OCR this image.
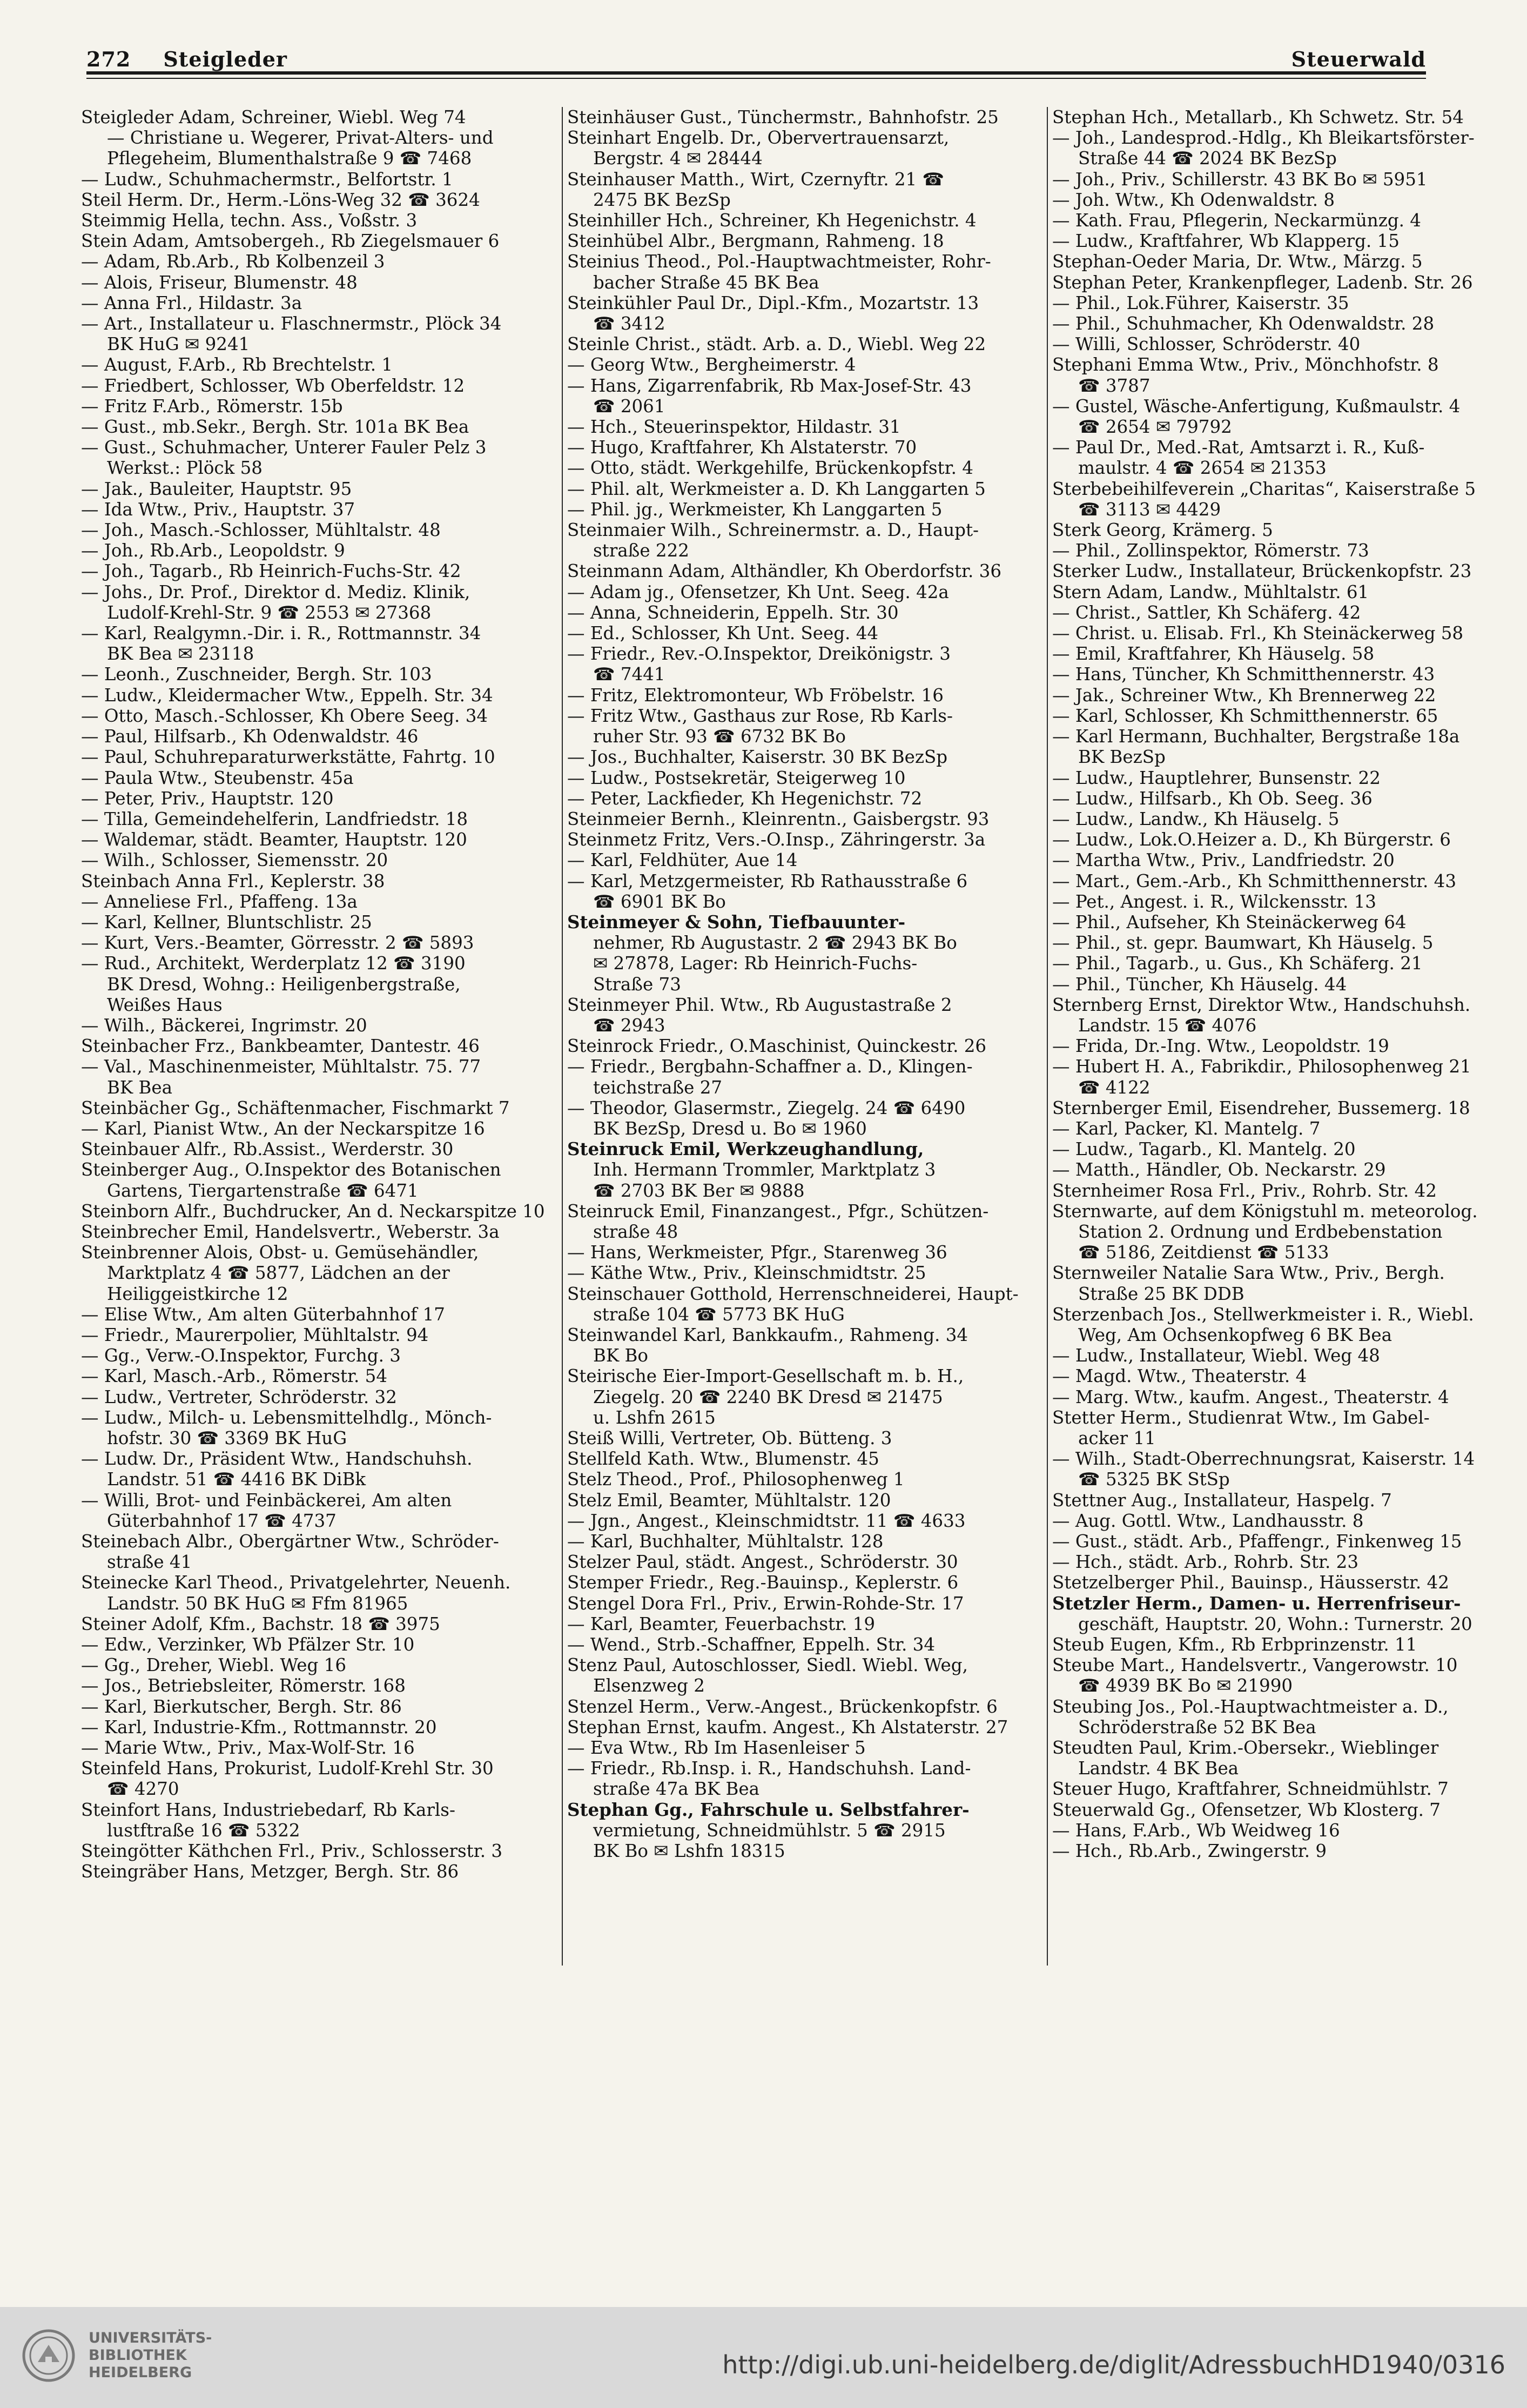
272 Steigleder	Steuerwald
Steigleder Adam, Schreiner, Wiebl. Weg 74
— Christiane u. Wegerer, Privat-Alters- und
Pflegeheim, Blumenthalstraße 9 ☎ 7468
— Ludw., Schuhmachermstr., Belfortstr. 1
Steil Herm. Dr., Herm.-Löns-Weg 32 ☎ 3624
Steimmig Hella, techn. Ass., Voßstr. 3
Stein Adam, Amtsobergeh., Rb Ziegelsmauer 6
— Adam, Rb.Arb., Rb Kolbenzeil 3
— Alois, Friseur, Blumenstr. 48
— Anna Frl., Hildastr. 3a
— Art., Installateur u. Flaschnermstr., Plöck 34
BK HuG ✉ 9241
— August, F.Arb., Rb Brechtelstr. 1
— Friedbert, Schlosser, Wb Oberfeldstr. 12
— Fritz F.Arb., Römerstr. 15b
— Gust., mb.Sekr., Bergh. Str. 101a BK Bea
— Gust., Schuhmacher, Unterer Fauler Pelz 3
Werkst.: Plöck 58
— Jak., Bauleiter, Hauptstr. 95
— Ida Wtw., Priv., Hauptstr. 37
— Joh., Masch.-Schlosser, Mühltalstr. 48
— Joh., Rb.Arb., Leopoldstr. 9
— Joh., Tagarb., Rb Heinrich-Fuchs-Str. 42
— Johs., Dr. Prof., Direktor d. Mediz. Klinik,
Ludolf-Krehl-Str. 9 ☎ 2553 ✉ 27368
— Karl, Realgymn.-Dir. i. R., Rottmannstr. 34
BK Bea ✉ 23118
— Leonh., Zuschneider, Bergh. Str. 103
— Ludw., Kleidermacher Wtw., Eppelh. Str. 34
— Otto, Masch.-Schlosser, Kh Obere Seeg. 34
— Paul, Hilfsarb., Kh Odenwaldstr. 46
— Paul, Schuhreparaturwerkstätte, Fahrtg. 10
— Paula Wtw., Steubenstr. 45a
— Peter, Priv., Hauptstr. 120
— Tilla, Gemeindehelferin, Landfriedstr. 18
— Waldemar, städt. Beamter, Hauptstr. 120
— Wilh., Schlosser, Siemensstr. 20
Steinbach Anna Frl., Keplerstr. 38
— Anneliese Frl., Pfaffeng. 13a
— Karl, Kellner, Bluntschlistr. 25
— Kurt, Vers.-Beamter, Görresstr. 2 ☎ 5893
— Rud., Architekt, Werderplatz 12 ☎ 3190
BK Dresd, Wohng.: Heiligenbergstraße,
Weißes Haus
— Wilh., Bäckerei, Ingrimstr. 20
Steinbacher Frz., Bankbeamter, Dantestr. 46
— Val., Maschinenmeister, Mühltalstr. 75. 77
BK Bea
Steinbächer Gg., Schäftenmacher, Fischmarkt 7
— Karl, Pianist Wtw., An der Neckarspitze 16
Steinbauer Alfr., Rb.Assist., Werderstr. 30
Steinberger Aug., O.Inspektor des Botanischen
Gartens, Tiergartenstraße ☎ 6471
Steinborn Alfr., Buchdrucker, An d. Neckarspitze 10
Steinbrecher Emil, Handelsvertr., Weberstr. 3a
Steinbrenner Alois, Obst- u. Gemüsehändler,
Marktplatz 4 ☎ 5877, Lädchen an der
Heiliggeistkirche 12
— Elise Wtw., Am alten Güterbahnhof 17
— Friedr., Maurerpolier, Mühltalstr. 94
— Gg., Verw.-O.Inspektor, Furchg. 3
— Karl, Masch.-Arb., Römerstr. 54
— Ludw., Vertreter, Schröderstr. 32
— Ludw., Milch- u. Lebensmittelhdlg., Mönch-
hofstr. 30 ☎ 3369 BK HuG
— Ludw. Dr., Präsident Wtw., Handschuhsh.
Landstr. 51 ☎ 4416 BK DiBk
— Willi, Brot- und Feinbäckerei, Am alten
Güterbahnhof 17 ☎ 4737
Steinebach Albr., Obergärtner Wtw., Schröder-
straße 41
Steinecke Karl Theod., Privatgelehrter, Neuenh.
Landstr. 50 BK HuG ✉ Ffm 81965
Steiner Adolf, Kfm., Bachstr. 18 ☎ 3975
— Edw., Verzinker, Wb Pfälzer Str. 10
— Gg., Dreher, Wiebl. Weg 16
— Jos., Betriebsleiter, Römerstr. 168
— Karl, Bierkutscher, Bergh. Str. 86
— Karl, Industrie-Kfm., Rottmannstr. 20
— Marie Wtw., Priv., Max-Wolf-Str. 16
Steinfeld Hans, Prokurist, Ludolf-Krehl Str. 30
☎ 4270
Steinfort Hans, Industriebedarf, Rb Karls-
lustftraße 16 ☎ 5322
Steingötter Käthchen Frl., Priv., Schlosserstr. 3
Steingräber Hans, Metzger, Bergh. Str. 86
Steinhäuser Gust., Tünchermstr., Bahnhofstr. 25
Steinhart Engelb. Dr., Obervertrauensarzt,
Bergstr. 4 ✉ 28444
Steinhauser Matth., Wirt, Czernyftr. 21 ☎
2475 BK BezSp
Steinhiller Hch., Schreiner, Kh Hegenichstr. 4
Steinhübel Albr., Bergmann, Rahmeng. 18
Steinius Theod., Pol.-Hauptwachtmeister, Rohr-
bacher Straße 45 BK Bea
Steinkühler Paul Dr., Dipl.-Kfm., Mozartstr. 13
☎ 3412
Steinle Christ., städt. Arb. a. D., Wiebl. Weg 22
— Georg Wtw., Bergheimerstr. 4
— Hans, Zigarrenfabrik, Rb Max-Josef-Str. 43
☎ 2061
— Hch., Steuerinspektor, Hildastr. 31
— Hugo, Kraftfahrer, Kh Alstaterstr. 70
— Otto, städt. Werkgehilfe, Brückenkopfstr. 4
— Phil. alt, Werkmeister a. D. Kh Langgarten 5
— Phil. jg., Werkmeister, Kh Langgarten 5
Steinmaier Wilh., Schreinermstr. a. D., Haupt-
straße 222
Steinmann Adam, Althändler, Kh Oberdorfstr. 36
— Adam jg., Ofensetzer, Kh Unt. Seeg. 42a
— Anna, Schneiderin, Eppelh. Str. 30
— Ed., Schlosser, Kh Unt. Seeg. 44
— Friedr., Rev.-O.Inspektor, Dreikönigstr. 3
☎ 7441
— Fritz, Elektromonteur, Wb Fröbelstr. 16
— Fritz Wtw., Gasthaus zur Rose, Rb Karls-
ruher Str. 93 ☎ 6732 BK Bo
— Jos., Buchhalter, Kaiserstr. 30 BK BezSp
— Ludw., Postsekretär, Steigerweg 10
— Peter, Lackfieder, Kh Hegenichstr. 72
Steinmeier Bernh., Kleinrentn., Gaisbergstr. 93
Steinmetz Fritz, Vers.-O.Insp., Zähringerstr. 3a
— Karl, Feldhüter, Aue 14
— Karl, Metzgermeister, Rb Rathausstraße 6
☎ 6901 BK Bo
Steinmeyer & Sohn, Tiefbauunter-
nehmer, Rb Augustastr. 2 ☎ 2943 BK Bo
✉ 27878, Lager: Rb Heinrich-Fuchs-
Straße 73
Steinmeyer Phil. Wtw., Rb Augustastraße 2
☎ 2943
Steinrock Friedr., O.Maschinist, Quinckestr. 26
— Friedr., Bergbahn-Schaffner a. D., Klingen-
teichstraße 27
— Theodor, Glasermstr., Ziegelg. 24 ☎ 6490
BK BezSp, Dresd u. Bo ✉ 1960
Steinruck Emil, Werkzeughandlung,
Inh. Hermann Trommler, Marktplatz 3
☎ 2703 BK Ber ✉ 9888
Steinruck Emil, Finanzangest., Pfgr., Schützen-
straße 48
— Hans, Werkmeister, Pfgr., Starenweg 36
— Käthe Wtw., Priv., Kleinschmidtstr. 25
Steinschauer Gotthold, Herrenschneiderei, Haupt-
straße 104 ☎ 5773 BK HuG
Steinwandel Karl, Bankkaufm., Rahmeng. 34
BK Bo
Steirische Eier-Import-Gesellschaft m. b. H.,
Ziegelg. 20 ☎ 2240 BK Dresd ✉ 21475
u. Lshfn 2615
Steiß Willi, Vertreter, Ob. Bütteng. 3
Stellfeld Kath. Wtw., Blumenstr. 45
Stelz Theod., Prof., Philosophenweg 1
Stelz Emil, Beamter, Mühltalstr. 120
— Jgn., Angest., Kleinschmidtstr. 11 ☎ 4633
— Karl, Buchhalter, Mühltalstr. 128
Stelzer Paul, städt. Angest., Schröderstr. 30
Stemper Friedr., Reg.-Bauinsp., Keplerstr. 6
Stengel Dora Frl., Priv., Erwin-Rohde-Str. 17
— Karl, Beamter, Feuerbachstr. 19
— Wend., Strb.-Schaffner, Eppelh. Str. 34
Stenz Paul, Autoschlosser, Siedl. Wiebl. Weg,
Elsenzweg 2
Stenzel Herm., Verw.-Angest., Brückenkopfstr. 6
Stephan Ernst, kaufm. Angest., Kh Alstaterstr. 27
— Eva Wtw., Rb Im Hasenleiser 5
— Friedr., Rb.Insp. i. R., Handschuhsh. Land-
straße 47a BK Bea
Stephan Gg., Fahrschule u. Selbstfahrer-
vermietung, Schneidmühlstr. 5 ☎ 2915
BK Bo ✉ Lshfn 18315
Stephan Hch., Metallarb., Kh Schwetz. Str. 54
— Joh., Landesprod.-Hdlg., Kh Bleikartsförster-
Straße 44 ☎ 2024 BK BezSp
— Joh., Priv., Schillerstr. 43 BK Bo ✉ 5951
— Joh. Wtw., Kh Odenwaldstr. 8
— Kath. Frau, Pflegerin, Neckarmünzg. 4
— Ludw., Kraftfahrer, Wb Klapperg. 15
Stephan-Oeder Maria, Dr. Wtw., Märzg. 5
Stephan Peter, Krankenpfleger, Ladenb. Str. 26
— Phil., Lok.Führer, Kaiserstr. 35
— Phil., Schuhmacher, Kh Odenwaldstr. 28
— Willi, Schlosser, Schröderstr. 40
Stephani Emma Wtw., Priv., Mönchhofstr. 8
☎ 3787
— Gustel, Wäsche-Anfertigung, Kußmaulstr. 4
☎ 2654 ✉ 79792
— Paul Dr., Med.-Rat, Amtsarzt i. R., Kuß-
maulstr. 4 ☎ 2654 ✉ 21353
Sterbebeihilfeverein „Charitas“, Kaiserstraße 5
☎ 3113 ✉ 4429
Sterk Georg, Krämerg. 5
— Phil., Zollinspektor, Römerstr. 73
Sterker Ludw., Installateur, Brückenkopfstr. 23
Stern Adam, Landw., Mühltalstr. 61
— Christ., Sattler, Kh Schäferg. 42
— Christ. u. Elisab. Frl., Kh Steinäckerweg 58
— Emil, Kraftfahrer, Kh Häuselg. 58
— Hans, Tüncher, Kh Schmitthennerstr. 43
— Jak., Schreiner Wtw., Kh Brennerweg 22
— Karl, Schlosser, Kh Schmitthennerstr. 65
— Karl Hermann, Buchhalter, Bergstraße 18a
BK BezSp
— Ludw., Hauptlehrer, Bunsenstr. 22
— Ludw., Hilfsarb., Kh Ob. Seeg. 36
— Ludw., Landw., Kh Häuselg. 5
— Ludw., Lok.O.Heizer a. D., Kh Bürgerstr. 6
— Martha Wtw., Priv., Landfriedstr. 20
— Mart., Gem.-Arb., Kh Schmitthennerstr. 43
— Pet., Angest. i. R., Wilckensstr. 13
— Phil., Aufseher, Kh Steinäckerweg 64
— Phil., st. gepr. Baumwart, Kh Häuselg. 5
— Phil., Tagarb., u. Gus., Kh Schäferg. 21
— Phil., Tüncher, Kh Häuselg. 44
Sternberg Ernst, Direktor Wtw., Handschuhsh.
Landstr. 15 ☎ 4076
— Frida, Dr.-Ing. Wtw., Leopoldstr. 19
— Hubert H. A., Fabrikdir., Philosophenweg 21
☎ 4122
Sternberger Emil, Eisendreher, Bussemerg. 18
— Karl, Packer, Kl. Mantelg. 7
— Ludw., Tagarb., Kl. Mantelg. 20
— Matth., Händler, Ob. Neckarstr. 29
Sternheimer Rosa Frl., Priv., Rohrb. Str. 42
Sternwarte, auf dem Königstuhl m. meteorolog.
Station 2. Ordnung und Erdbebenstation
☎ 5186, Zeitdienst ☎ 5133
Sternweiler Natalie Sara Wtw., Priv., Bergh.
Straße 25 BK DDB
Sterzenbach Jos., Stellwerkmeister i. R., Wiebl.
Weg, Am Ochsenkopfweg 6 BK Bea
— Ludw., Installateur, Wiebl. Weg 48
— Magd. Wtw., Theaterstr. 4
— Marg. Wtw., kaufm. Angest., Theaterstr. 4
Stetter Herm., Studienrat Wtw., Im Gabel-
acker 11
— Wilh., Stadt-Oberrechnungsrat, Kaiserstr. 14
☎ 5325 BK StSp
Stettner Aug., Installateur, Haspelg. 7
— Aug. Gottl. Wtw., Landhausstr. 8
— Gust., städt. Arb., Pfaffengr., Finkenweg 15
— Hch., städt. Arb., Rohrb. Str. 23
Stetzelberger Phil., Bauinsp., Häusserstr. 42
Stetzler Herm., Damen- u. Herrenfriseur-
geschäft, Hauptstr. 20, Wohn.: Turnerstr. 20
Steub Eugen, Kfm., Rb Erbprinzenstr. 11
Steube Mart., Handelsvertr., Vangerowstr. 10
☎ 4939 BK Bo ✉ 21990
Steubing Jos., Pol.-Hauptwachtmeister a. D.,
Schröderstraße 52 BK Bea
Steudten Paul, Krim.-Obersekr., Wieblinger
Landstr. 4 BK Bea
Steuer Hugo, Kraftfahrer, Schneidmühlstr. 7
Steuerwald Gg., Ofensetzer, Wb Klosterg. 7
— Hans, F.Arb., Wb Weidweg 16
— Hch., Rb.Arb., Zwingerstr. 9
UNIVERSITÄTS-
BIBLIOTHEK
HEIDELBERG	http://digi.ub.uni-heidelberg.de/diglit/AdressbuchHD1940/0316
